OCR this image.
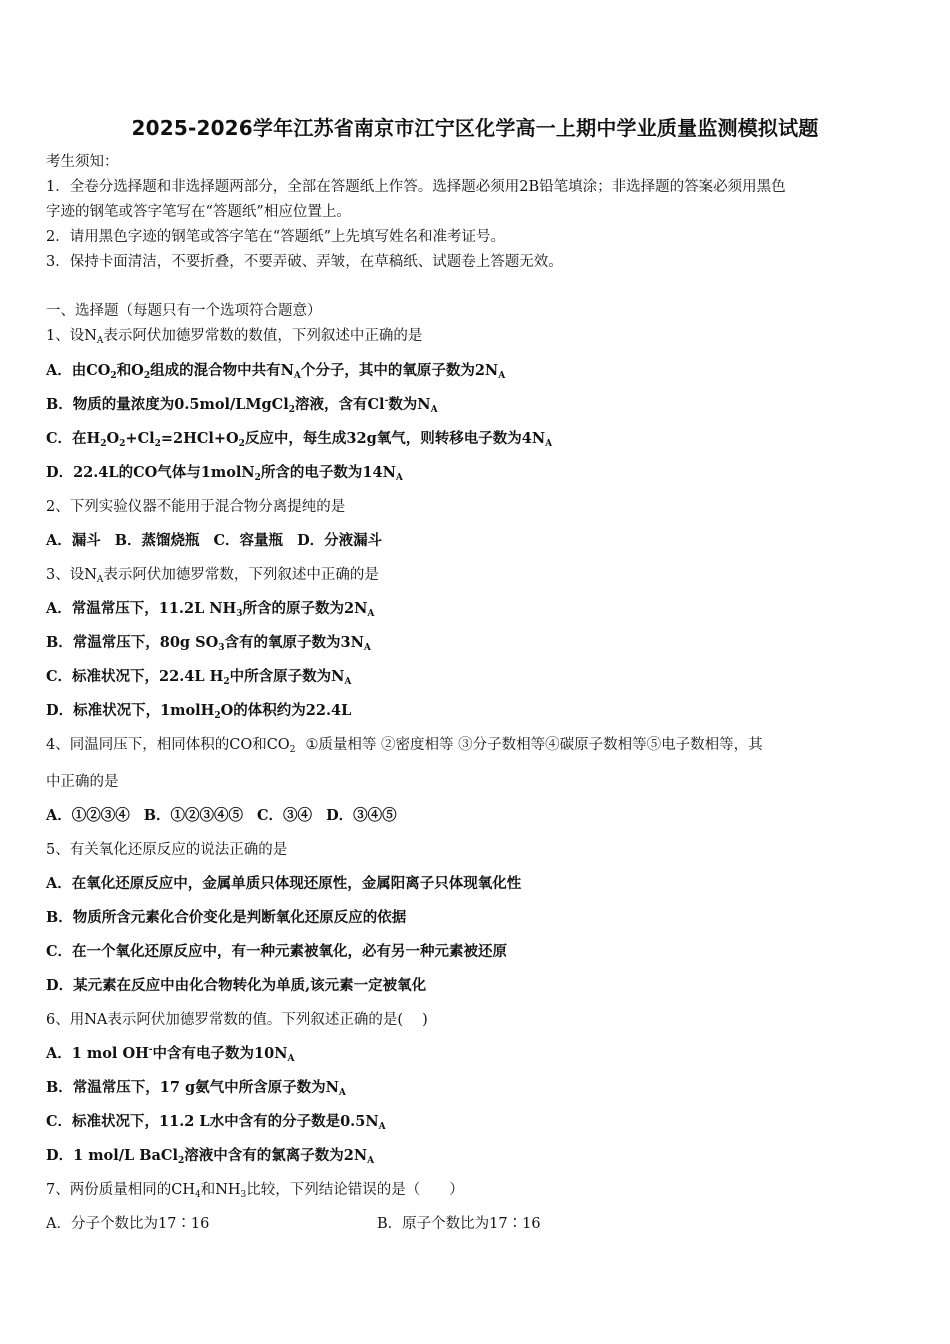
2025-2026学年江苏省南京市江宁区化学高一上期中学业质量监测模拟试题
考生须知：
1．全卷分选择题和非选择题两部分，全部在答题纸上作答。选择题必须用2B铅笔填涂；非选择题的答案必须用黑色
字迹的钢笔或答字笔写在“答题纸”相应位置上。
2．请用黑色字迹的钢笔或答字笔在“答题纸”上先填写姓名和准考证号。
3．保持卡面清洁，不要折叠，不要弄破、弄皱，在草稿纸、试题卷上答题无效。
一、选择题（每题只有一个选项符合题意）
1、设$N_A$表示阿伏加德罗常数的数值，下列叙述中正确的是
A．由$CO_2$和$O_2$组成的混合物中共有$N_A$个分子，其中的氧原子数为$2N_A$
B．物质的量浓度为0.5mol/LMgCl$_2$溶液，含有Cl-数为$N_A$
C．在$H_2O_2+Cl_2=2HCl+O_2$反应中，每生成32g氧气，则转移电子数为$4N_A$
D．22.4L的CO气体与1molN$_2$所含的电子数为$14N_A$
2、下列实验仪器不能用于混合物分离提纯的是
A．漏斗 B．蒸馏烧瓶 C．容量瓶 D．分液漏斗
3、设$N_A$表示阿伏加德罗常数，下列叙述中正确的是
A．常温常压下，11.2L $NH_3$所含的原子数为$2N_A$
B．常温常压下，80g $SO_3$含有的氧原子数为$3N_A$
C．标准状况下，22.4L $H_2$中所含原子数为$N_A$
D．标准状况下，1molH$_2$O的体积约为22.4L
4、同温同压下，相同体积的CO和$CO_2$ ①质量相等 ②密度相等 ③分子数相等④碳原子数相等⑤电子数相等，其
中正确的是
A．①②③④ B．①②③④⑤ C．③④ D．③④⑤
5、有关氧化还原反应的说法正确的是
A．在氧化还原反应中，金属单质只体现还原性，金属阳离子只体现氧化性
B．物质所含元素化合价变化是判断氧化还原反应的依据
C．在一个氧化还原反应中，有一种元素被氧化，必有另一种元素被还原
D．某元素在反应中由化合物转化为单质,该元素一定被氧化
6、用NA表示阿伏加德罗常数的值。下列叙述正确的是(　 )
A．1 mol OH-中含有电子数为$10N_A$
B．常温常压下，17 g氨气中所含原子数为$N_A$
C．标准状况下，11.2 L水中含有的分子数是$0.5N_A$
D．1 mol/L BaCl$_2$溶液中含有的氯离子数为$2N_A$
7、两份质量相同的$CH_4$和$NH_3$比较，下列结论错误的是（　　）
A．分子个数比为17∶16	B．原子个数比为17∶16
